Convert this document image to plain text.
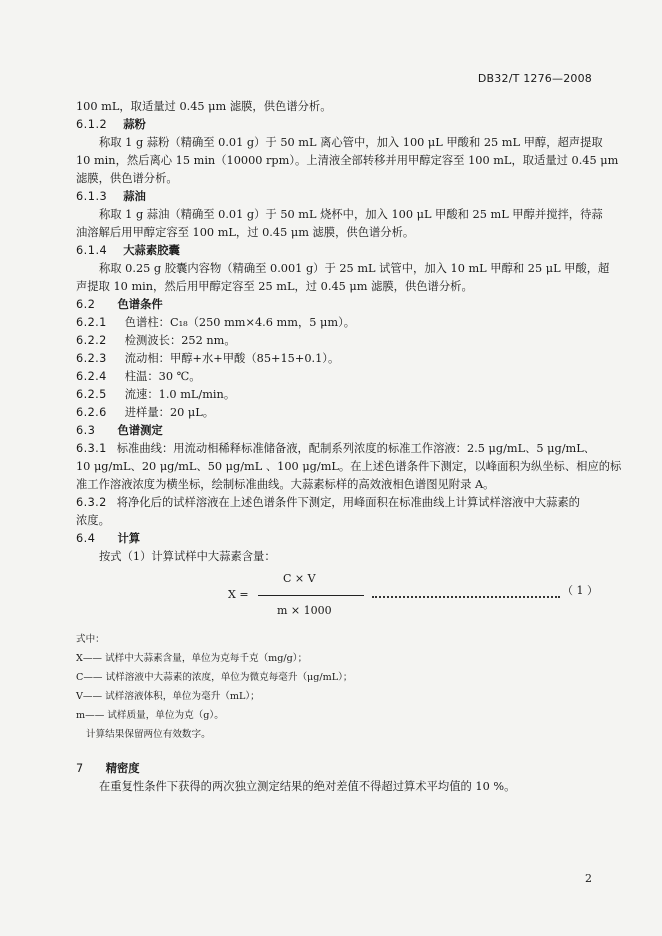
DB32/T 1276—2008
100 mL，取适量过 0.45 μm 滤膜，供色谱分析。
6.1.2 蒜粉
称取 1 g 蒜粉（精确至 0.01 g）于 50 mL 离心管中，加入 100 μL 甲酸和 25 mL 甲醇，超声提取
10 min，然后离心 15 min（10000 rpm）。上清液全部转移并用甲醇定容至 100 mL，取适量过 0.45 μm
滤膜，供色谱分析。
6.1.3 蒜油
称取 1 g 蒜油（精确至 0.01 g）于 50 mL 烧杯中，加入 100 μL 甲酸和 25 mL 甲醇并搅拌，待蒜
油溶解后用甲醇定容至 100 mL，过 0.45 μm 滤膜，供色谱分析。
6.1.4 大蒜素胶囊
称取 0.25 g 胶囊内容物（精确至 0.001 g）于 25 mL 试管中，加入 10 mL 甲醇和 25 μL 甲酸，超
声提取 10 min，然后用甲醇定容至 25 mL，过 0.45 μm 滤膜，供色谱分析。
6.2 色谱条件
6.2.1 色谱柱：C₁₈（250 mm×4.6 mm，5 μm）。
6.2.2 检测波长：252 nm。
6.2.3 流动相：甲醇+水+甲酸（85+15+0.1）。
6.2.4 柱温：30 ℃。
6.2.5 流速：1.0 mL/min。
6.2.6 进样量：20 μL。
6.3 色谱测定
6.3.1 标准曲线：用流动相稀释标准储备液，配制系列浓度的标准工作溶液：2.5 μg/mL、5 μg/mL、
10 μg/mL、20 μg/mL、50 μg/mL 、100 μg/mL。在上述色谱条件下测定，以峰面积为纵坐标、相应的标
准工作溶液浓度为横坐标，绘制标准曲线。大蒜素标样的高效液相色谱图见附录 A。
6.3.2 将净化后的试样溶液在上述色谱条件下测定，用峰面积在标准曲线上计算试样溶液中大蒜素的
浓度。
6.4 计算
按式（1）计算试样中大蒜素含量：
C × V
X =
m × 1000
（ 1 ）
式中：
X—— 试样中大蒜素含量，单位为克每千克（mg/g）；
C—— 试样溶液中大蒜素的浓度，单位为微克每毫升（μg/mL）；
V—— 试样溶液体积，单位为毫升（mL）；
m—— 试样质量，单位为克（g）。
计算结果保留两位有效数字。
7 精密度
在重复性条件下获得的两次独立测定结果的绝对差值不得超过算术平均值的 10 %。
2
